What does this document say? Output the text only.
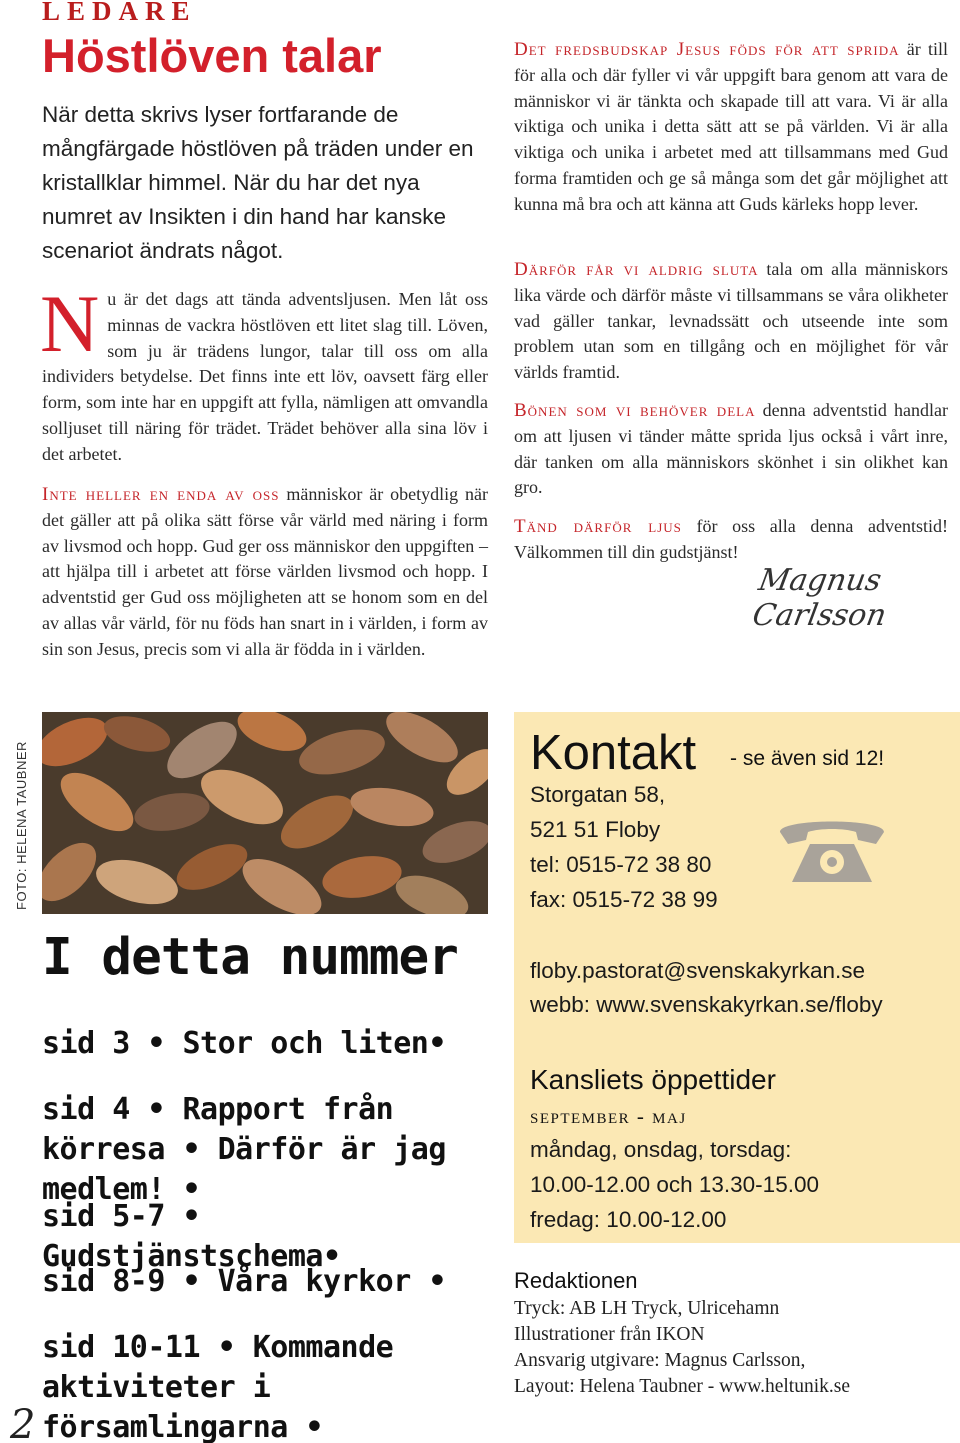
LEDARE
Höstlöven talar

När detta skrivs lyser fortfarande de mångfärgade höstlöven på träden under en kristallklar himmel. När du har det nya numret av Insikten i din hand har kanske scenariot ändrats något.

Nu är det dags att tända adventsljusen. Men låt oss minnas de vackra höstlöven ett litet slag till. Löven, som ju är trädens lungor, talar till oss om alla individers betydelse. Det finns inte ett löv, oavsett färg eller form, som inte har en uppgift att fylla, nämligen att omvandla solljuset till näring för trädet. Trädet behöver alla sina löv i det arbetet.
Inte heller en enda av oss människor är obetydlig när det gäller att på olika sätt förse vår värld med näring i form av livsmod och hopp. Gud ger oss människor den uppgiften – att hjälpa till i arbetet att förse världen livsmod och hopp. I adventstid ger Gud oss möjligheten att se honom som en del av allas vår värld, för nu föds han snart in i världen, i form av sin son Jesus, precis som vi alla är födda in i världen.
Det fredsbudskap Jesus föds för att sprida är till för alla och där fyller vi vår uppgift bara genom att vara de människor vi är tänkta och skapade till att vara. Vi är alla viktiga och unika i detta sätt att se på världen. Vi är alla viktiga och unika i arbetet med att tillsammans med Gud forma framtiden och ge så många som det går möjlighet att kunna må bra och att känna att Guds kärleks hopp lever.
Därför får vi aldrig sluta tala om alla människors lika värde och därför måste vi tillsammans se våra olikheter vad gäller tankar, levnadssätt och utseende inte som problem utan som en tillgång och en möjlighet för vår världs framtid.
Bönen som vi behöver dela denna adventstid handlar om att ljusen vi tänder måtte sprida ljus också i vårt inre, där tanken om alla människors skönhet i sin olikhet kan gro.
Tänd därför ljus för oss alla denna adventstid! Välkommen till din gudstjänst!
Magnus Carlsson
FOTO: HELENA TAUBNER
I detta nummer
sid 3 • Stor och liten•
sid 4 • Rapport från körresa • Därför är jag medlem! •
sid 5-7 • Gudstjänstschema•
sid 8-9 • Våra kyrkor •
sid 10-11 • Kommande aktiviteter i församlingarna •
2
Kontakt - se även sid 12!
Storgatan 58,
521 51 Floby
tel: 0515-72 38 80
fax: 0515-72 38 99
floby.pastorat@svenskakyrkan.se
webb: www.svenskakyrkan.se/floby
Kansliets öppettider
september - maj
måndag, onsdag, torsdag:
10.00-12.00 och 13.30-15.00
fredag: 10.00-12.00
Redaktionen
Tryck: AB LH Tryck, Ulricehamn
Illustrationer från IKON
Ansvarig utgivare: Magnus Carlsson,
Layout: Helena Taubner - www.heltunik.se
